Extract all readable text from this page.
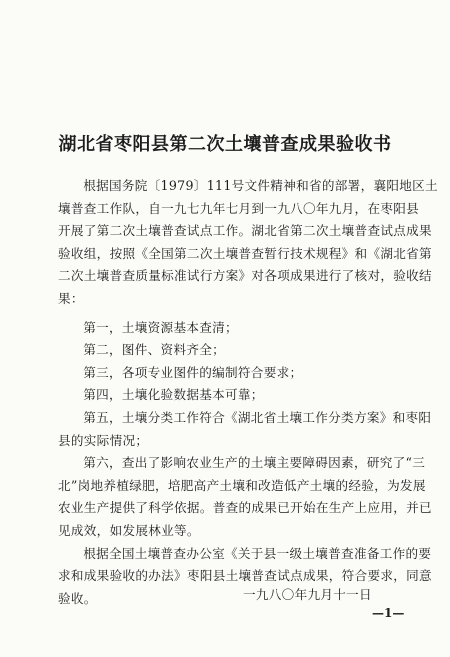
湖北省枣阳县第二次土壤普查成果验收书
根据国务院〔1979〕111号文件精神和省的部署，襄阳地区土
壤普查工作队，自一九七九年七月到一九八〇年九月，在枣阳县
开展了第二次土壤普查试点工作。湖北省第二次土壤普查试点成果
验收组，按照《全国第二次土壤普查暂行技术规程》和《湖北省第
二次土壤普查质量标准试行方案》对各项成果进行了核对，验收结
果：
第一，土壤资源基本查清；
第二，图件、资料齐全；
第三，各项专业图件的编制符合要求；
第四，土壤化验数据基本可靠；
第五，土壤分类工作符合《湖北省土壤工作分类方案》和枣阳
县的实际情况；
第六，查出了影响农业生产的土壤主要障碍因素，研究了“三
北”岗地养植绿肥，培肥高产土壤和改造低产土壤的经验，为发展
农业生产提供了科学依据。普查的成果已开始在生产上应用，并已
见成效，如发展林业等。
根据全国土壤普查办公室《关于县一级土壤普查准备工作的要
求和成果验收的办法》枣阳县土壤普查试点成果，符合要求，同意
验收。	一九八〇年九月十一日
—1—
